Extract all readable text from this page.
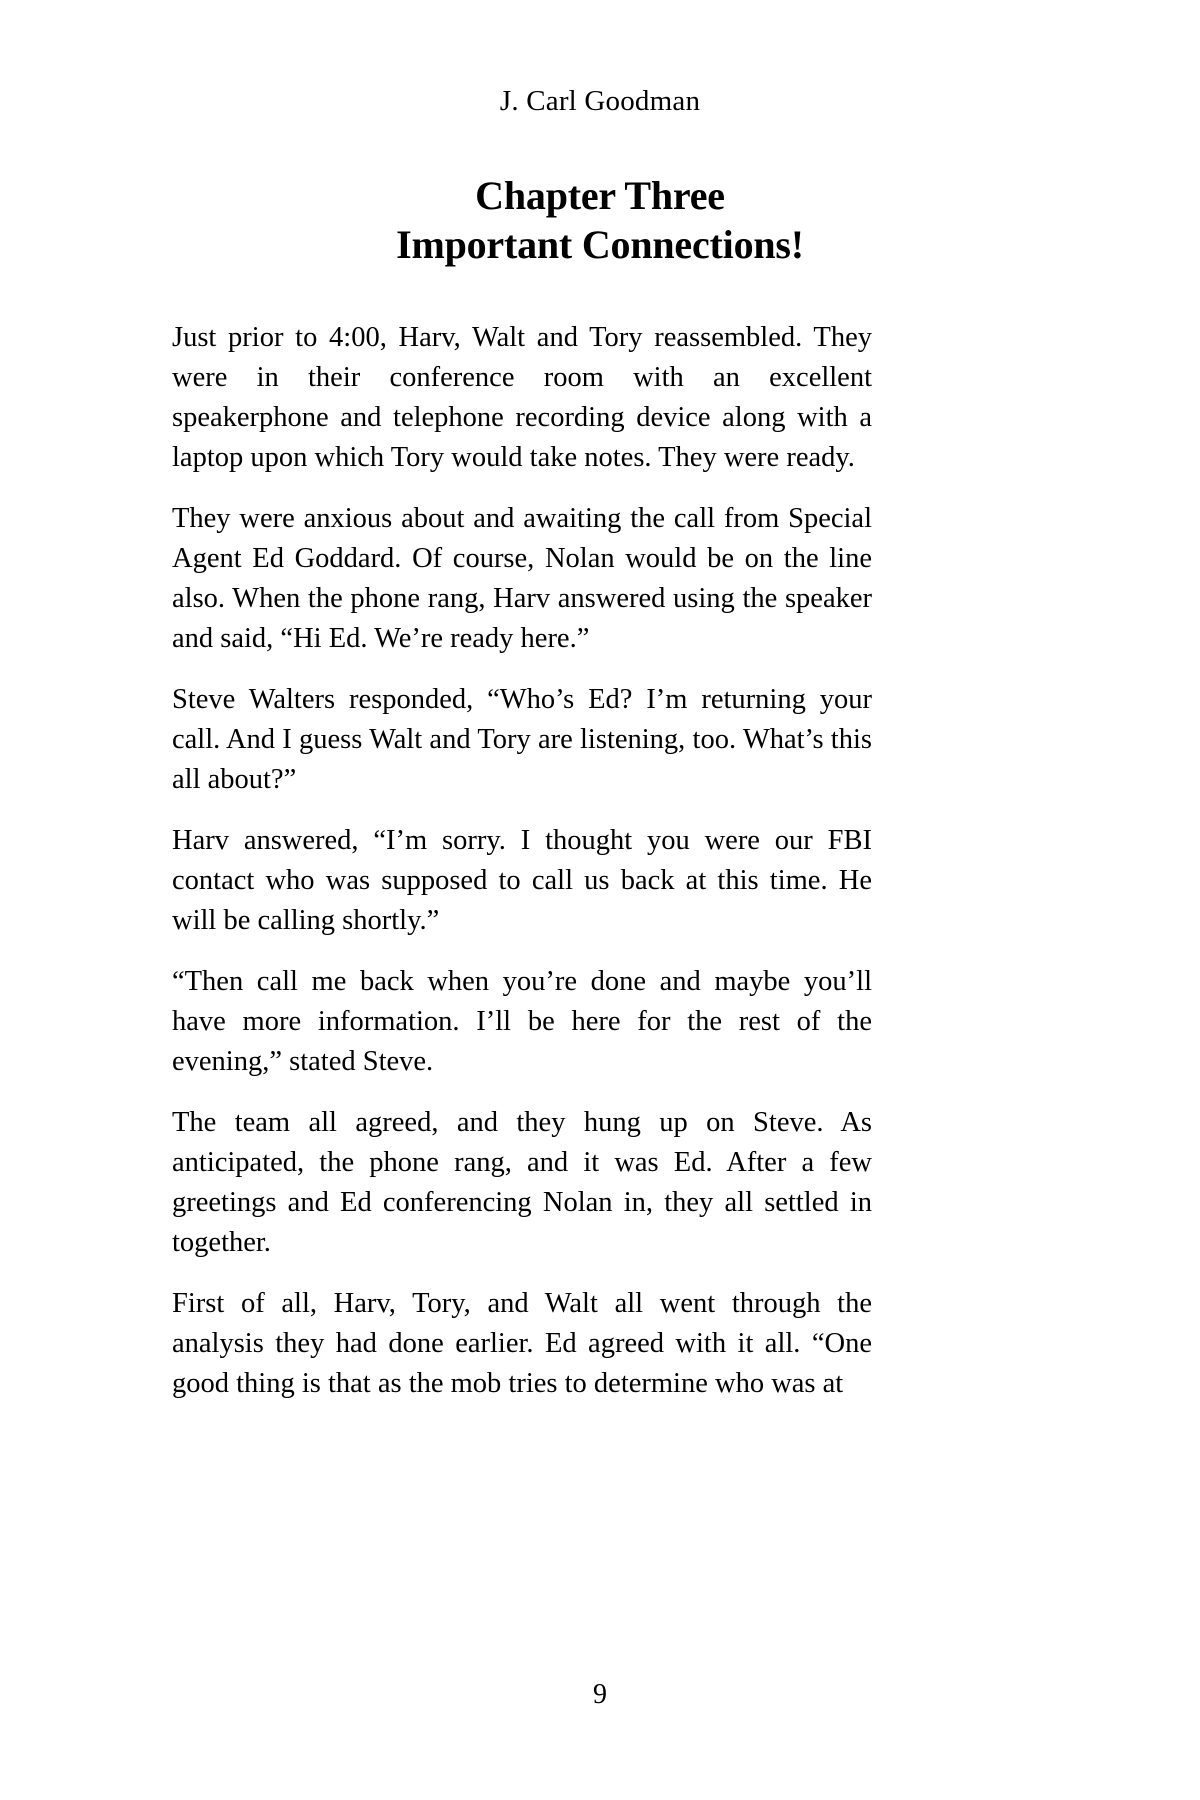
J. Carl Goodman
Chapter Three
Important Connections!

Just prior to 4:00, Harv, Walt and Tory reassembled. They were in their conference room with an excellent speakerphone and telephone recording device along with a laptop upon which Tory would take notes. They were ready.

They were anxious about and awaiting the call from Special Agent Ed Goddard. Of course, Nolan would be on the line also. When the phone rang, Harv answered using the speaker and said, “Hi Ed. We’re ready here.”

Steve Walters responded, “Who’s Ed? I’m returning your call. And I guess Walt and Tory are listening, too. What’s this all about?”

Harv answered, “I’m sorry. I thought you were our FBI contact who was supposed to call us back at this time. He will be calling shortly.”

“Then call me back when you’re done and maybe you’ll have more information. I’ll be here for the rest of the evening,” stated Steve.

The team all agreed, and they hung up on Steve. As anticipated, the phone rang, and it was Ed. After a few greetings and Ed conferencing Nolan in, they all settled in together.

First of all, Harv, Tory, and Walt all went through the analysis they had done earlier. Ed agreed with it all. “One good thing is that as the mob tries to determine who was at

9
